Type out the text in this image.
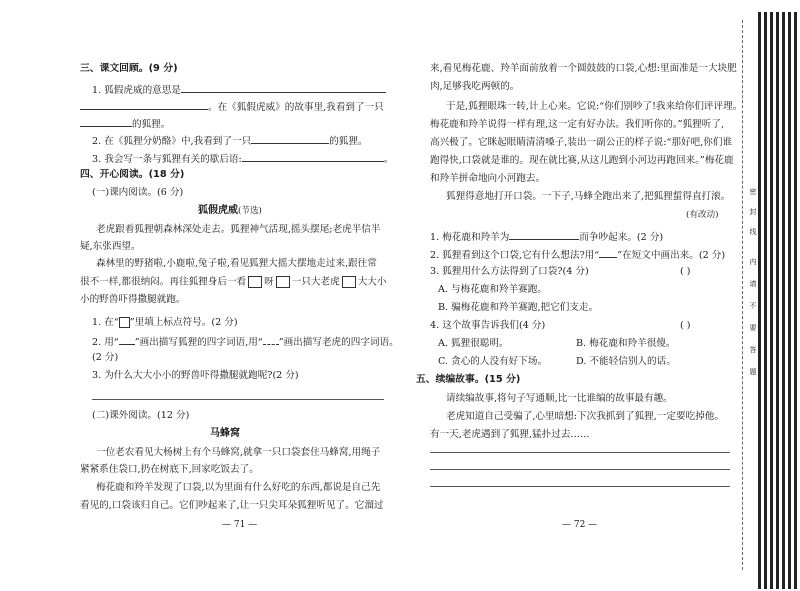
三、课文回顾。(9 分)
1. 狐假虎威的意思是
。在《狐假虎威》的故事里,我看到了一只
的狐狸。
2. 在《狐狸分奶酪》中,我看到了一只	的狐狸。
3. 我会写一条与狐狸有关的歇后语:	。
四、开心阅读。(18 分)
(一)课内阅读。(6 分)
狐假虎威(节选)
老虎跟着狐狸朝森林深处走去。狐狸神气活现,摇头摆尾;老虎半信半
疑,东张西望。
森林里的野猪啦,小鹿啦,兔子啦,看见狐狸大摇大摆地走过来,跟往常
很不一样,都很纳闷。再往狐狸身后一看 呀 一只大老虎 大大小
小的野兽吓得撒腿就跑。
1. 在“ ”里填上标点符号。(2 分)
2. 用“ ”画出描写狐狸的四字词语,用“ ”画出描写老虎的四字词语。
(2 分)
3. 为什么大大小小的野兽吓得撒腿就跑呢?(2 分)
(二)课外阅读。(12 分)
马蜂窝
一位老农看见大杨树上有个马蜂窝,就拿一只口袋套住马蜂窝,用绳子
紧紧系住袋口,扔在树底下,回家吃饭去了。
梅花鹿和羚羊发现了口袋,以为里面有什么好吃的东西,都说是自己先
看见的,口袋该归自己。它们吵起来了,让一只尖耳朵狐狸听见了。它溜过
— 71 —
来,看见梅花鹿、羚羊面前放着一个圆鼓鼓的口袋,心想:里面准是一大块肥
肉,足够我吃两顿的。
于是,狐狸眼珠一转,计上心来。它说:“你们别吵了!我来给你们评评理。
梅花鹿和羚羊说得一样有理,这一定有好办法。我们听你的。”狐狸听了,
高兴极了。它眯起眼睛清清嗓子,装出一副公正的样子说:“那好吧,你们谁
跑得快,口袋就是谁的。现在就比赛,从这儿跑到小河边再跑回来。”梅花鹿
和羚羊拼命地向小河跑去。
狐狸得意地打开口袋。一下子,马蜂全跑出来了,把狐狸蜇得直打滚。
(有改动)
1. 梅花鹿和羚羊为	而争吵起来。(2 分)
2. 狐狸看到这个口袋,它有什么想法?用“ ”在短文中画出来。(2 分)
3. 狐狸用什么方法得到了口袋?(4 分)	( )
A. 与梅花鹿和羚羊赛跑。
B. 骗梅花鹿和羚羊赛跑,把它们支走。
4. 这个故事告诉我们(4 分)	( )
A. 狐狸很聪明。	B. 梅花鹿和羚羊很傻。
C. 贪心的人没有好下场。	D. 不能轻信别人的话。
五、续编故事。(15 分)
请续编故事,将句子写通顺,比一比谁编的故事最有趣。
老虎知道自己受骗了,心里暗想:下次我抓到了狐狸,一定要吃掉他。
有一天,老虎遇到了狐狸,猛扑过去……
— 72 —
密
封
线
内
请
不
要
答
题
